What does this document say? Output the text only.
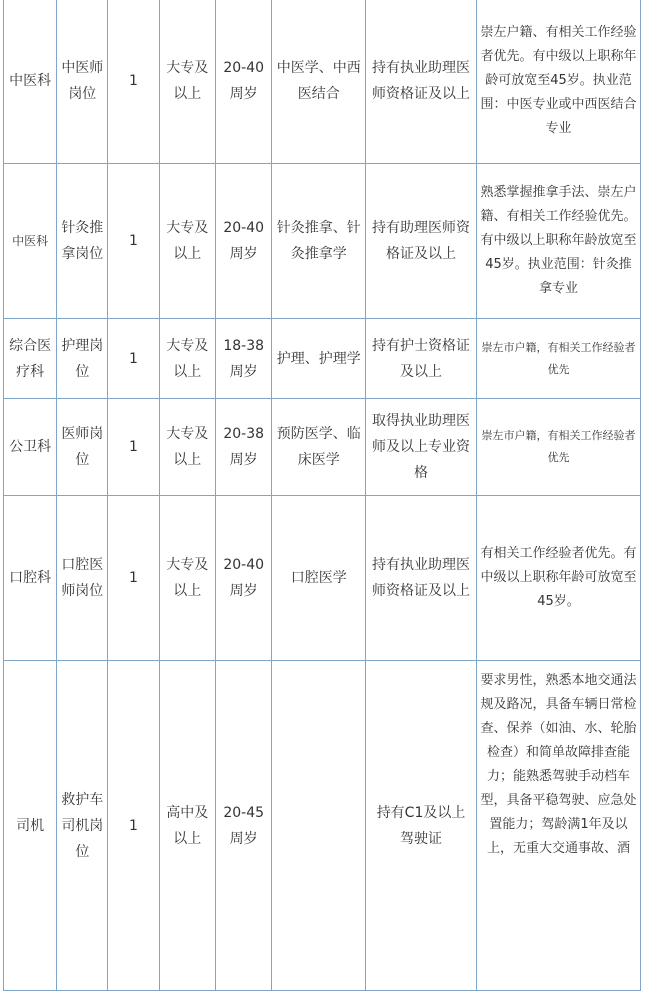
中医科	中医师岗位	1	大专及以上	20-40周岁	中医学、中西医结合	持有执业助理医师资格证及以上	崇左户籍、有相关工作经验者优先。有中级以上职称年龄可放宽至45岁。执业范围：中医专业或中西医结合专业
中医科	针灸推拿岗位	1	大专及以上	20-40周岁	针灸推拿、针灸推拿学	持有助理医师资格证及以上	熟悉掌握推拿手法、崇左户籍、有相关工作经验优先。有中级以上职称年龄放宽至45岁。执业范围：针灸推拿专业
综合医疗科	护理岗位	1	大专及以上	18-38周岁	护理、护理学	持有护士资格证 及以上	崇左市户籍，有相关工作经验者优先
公卫科	医师岗位	1	大专及以上	20-38周岁	预防医学、临床医学	取得执业助理医师及以上专业资格	崇左市户籍，有相关工作经验者优先
口腔科	口腔医师岗位	1	大专及以上	20-40周岁	口腔医学	持有执业助理医师资格证及以上	有相关工作经验者优先。有中级以上职称年龄可放宽至45岁。
司机	救护车司机岗位	1	高中及以上	20-45周岁		持有C1及以上驾驶证	要求男性，熟悉本地交通法规及路况，具备车辆日常检查、保养（如油、水、轮胎检查）和简单故障排查能力；能熟悉驾驶手动档车型，具备平稳驾驶、应急处置能力；驾龄满1年及以上，无重大交通事故、酒
